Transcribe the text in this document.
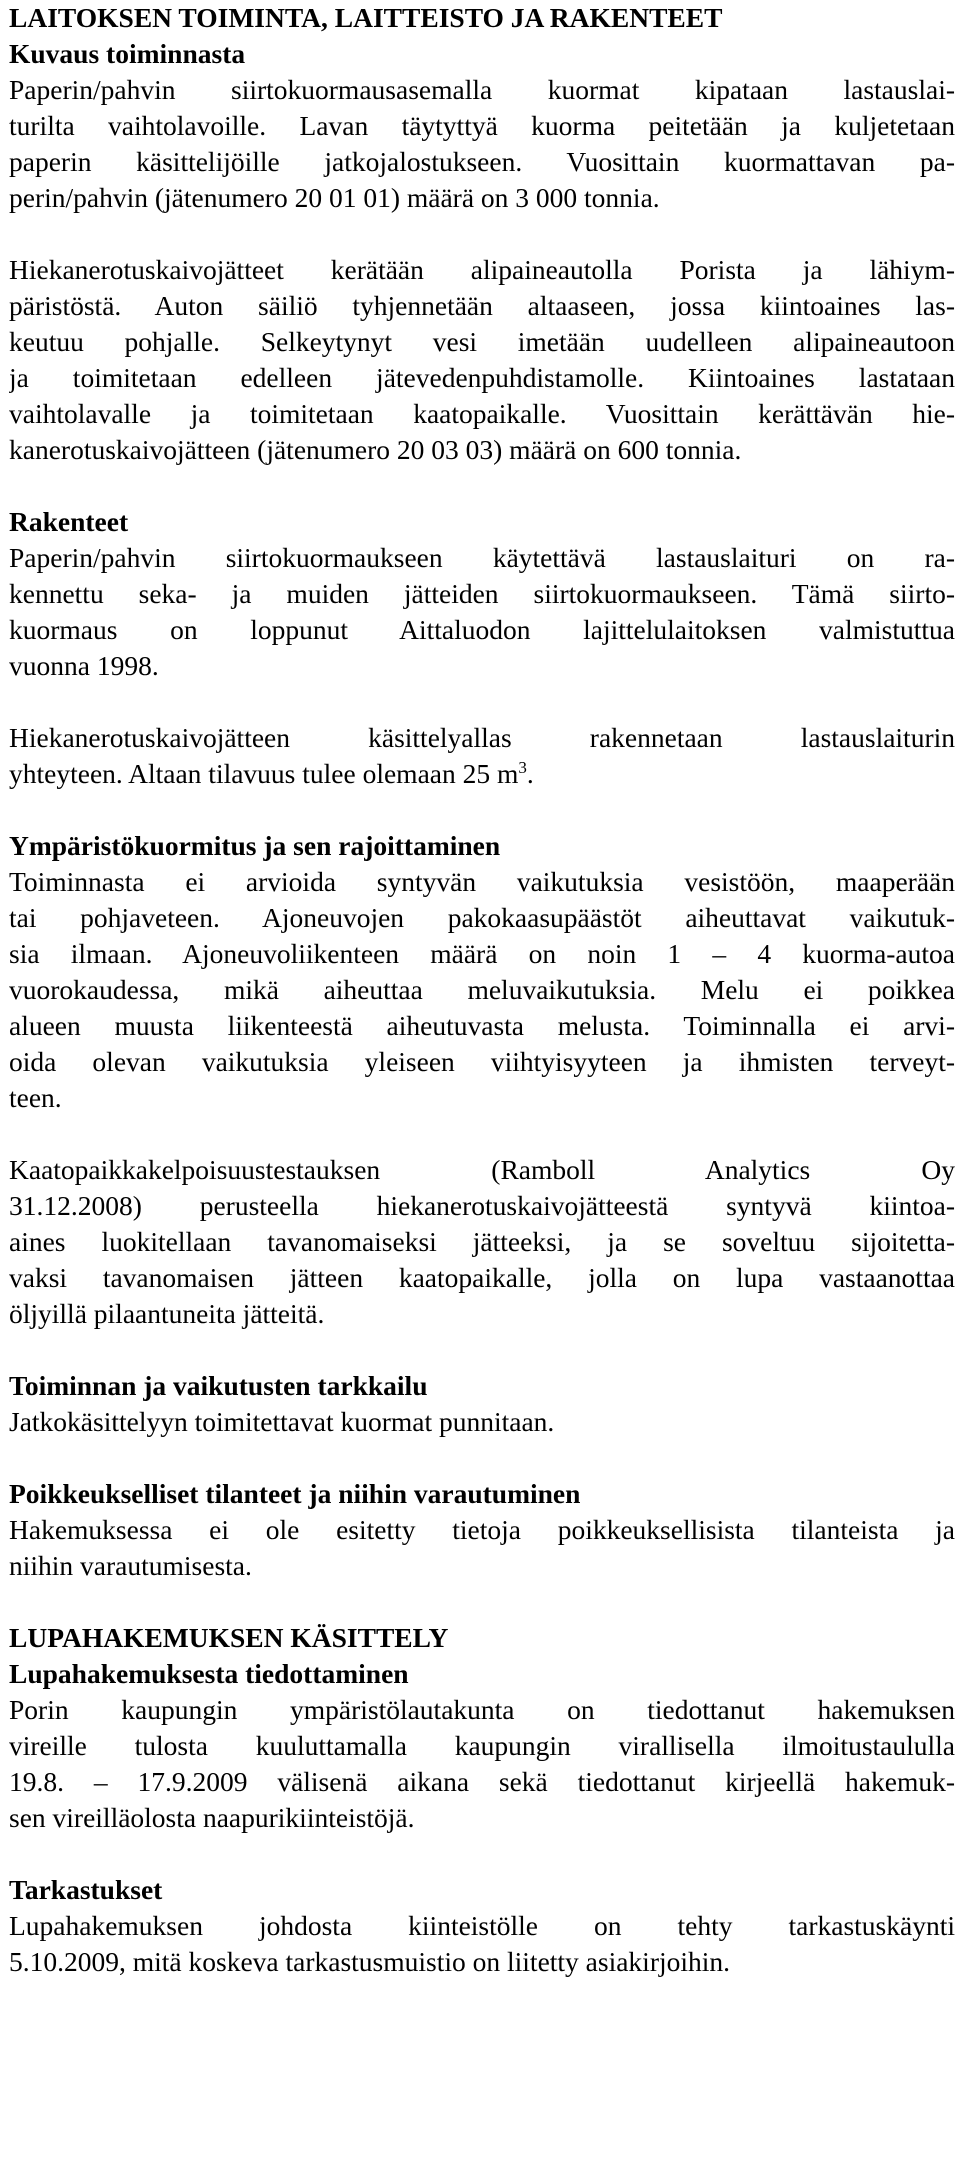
LAITOKSEN TOIMINTA, LAITTEISTO JA RAKENTEET
Kuvaus toiminnasta
Paperin/pahvin siirtokuormausasemalla kuormat kipataan lastauslai-
turilta vaihtolavoille. Lavan täytyttyä kuorma peitetään ja kuljetetaan
paperin käsittelijöille jatkojalostukseen. Vuosittain kuormattavan pa-
perin/pahvin (jätenumero 20 01 01) määrä on 3 000 tonnia.
Hiekanerotuskaivojätteet kerätään alipaineautolla Porista ja lähiym-
päristöstä. Auton säiliö tyhjennetään altaaseen, jossa kiintoaines las-
keutuu pohjalle. Selkeytynyt vesi imetään uudelleen alipaineautoon
ja toimitetaan edelleen jätevedenpuhdistamolle. Kiintoaines lastataan
vaihtolavalle ja toimitetaan kaatopaikalle. Vuosittain kerättävän hie-
kanerotuskaivojätteen (jätenumero 20 03 03) määrä on 600 tonnia.
Rakenteet
Paperin/pahvin siirtokuormaukseen käytettävä lastauslaituri on ra-
kennettu seka- ja muiden jätteiden siirtokuormaukseen. Tämä siirto-
kuormaus on loppunut Aittaluodon lajittelulaitoksen valmistuttua
vuonna 1998.
Hiekanerotuskaivojätteen käsittelyallas rakennetaan lastauslaiturin
yhteyteen. Altaan tilavuus tulee olemaan 25 $m^3$.
Ympäristökuormitus ja sen rajoittaminen
Toiminnasta ei arvioida syntyvän vaikutuksia vesistöön, maaperään
tai pohjaveteen. Ajoneuvojen pakokaasupäästöt aiheuttavat vaikutuk-
sia ilmaan. Ajoneuvoliikenteen määrä on noin 1 – 4 kuorma-autoa
vuorokaudessa, mikä aiheuttaa meluvaikutuksia. Melu ei poikkea
alueen muusta liikenteestä aiheutuvasta melusta. Toiminnalla ei arvi-
oida olevan vaikutuksia yleiseen viihtyisyyteen ja ihmisten terveyt-
teen.
Kaatopaikkakelpoisuustestauksen (Ramboll Analytics Oy
31.12.2008) perusteella hiekanerotuskaivojätteestä syntyvä kiintoa-
aines luokitellaan tavanomaiseksi jätteeksi, ja se soveltuu sijoitetta-
vaksi tavanomaisen jätteen kaatopaikalle, jolla on lupa vastaanottaa
öljyillä pilaantuneita jätteitä.
Toiminnan ja vaikutusten tarkkailu
Jatkokäsittelyyn toimitettavat kuormat punnitaan.
Poikkeukselliset tilanteet ja niihin varautuminen
Hakemuksessa ei ole esitetty tietoja poikkeuksellisista tilanteista ja
niihin varautumisesta.
LUPAHAKEMUKSEN KÄSITTELY
Lupahakemuksesta tiedottaminen
Porin kaupungin ympäristölautakunta on tiedottanut hakemuksen
vireille tulosta kuuluttamalla kaupungin virallisella ilmoitustaululla
19.8. – 17.9.2009 välisenä aikana sekä tiedottanut kirjeellä hakemuk-
sen vireilläolosta naapurikiinteistöjä.
Tarkastukset
Lupahakemuksen johdosta kiinteistölle on tehty tarkastuskäynti
5.10.2009, mitä koskeva tarkastusmuistio on liitetty asiakirjoihin.
